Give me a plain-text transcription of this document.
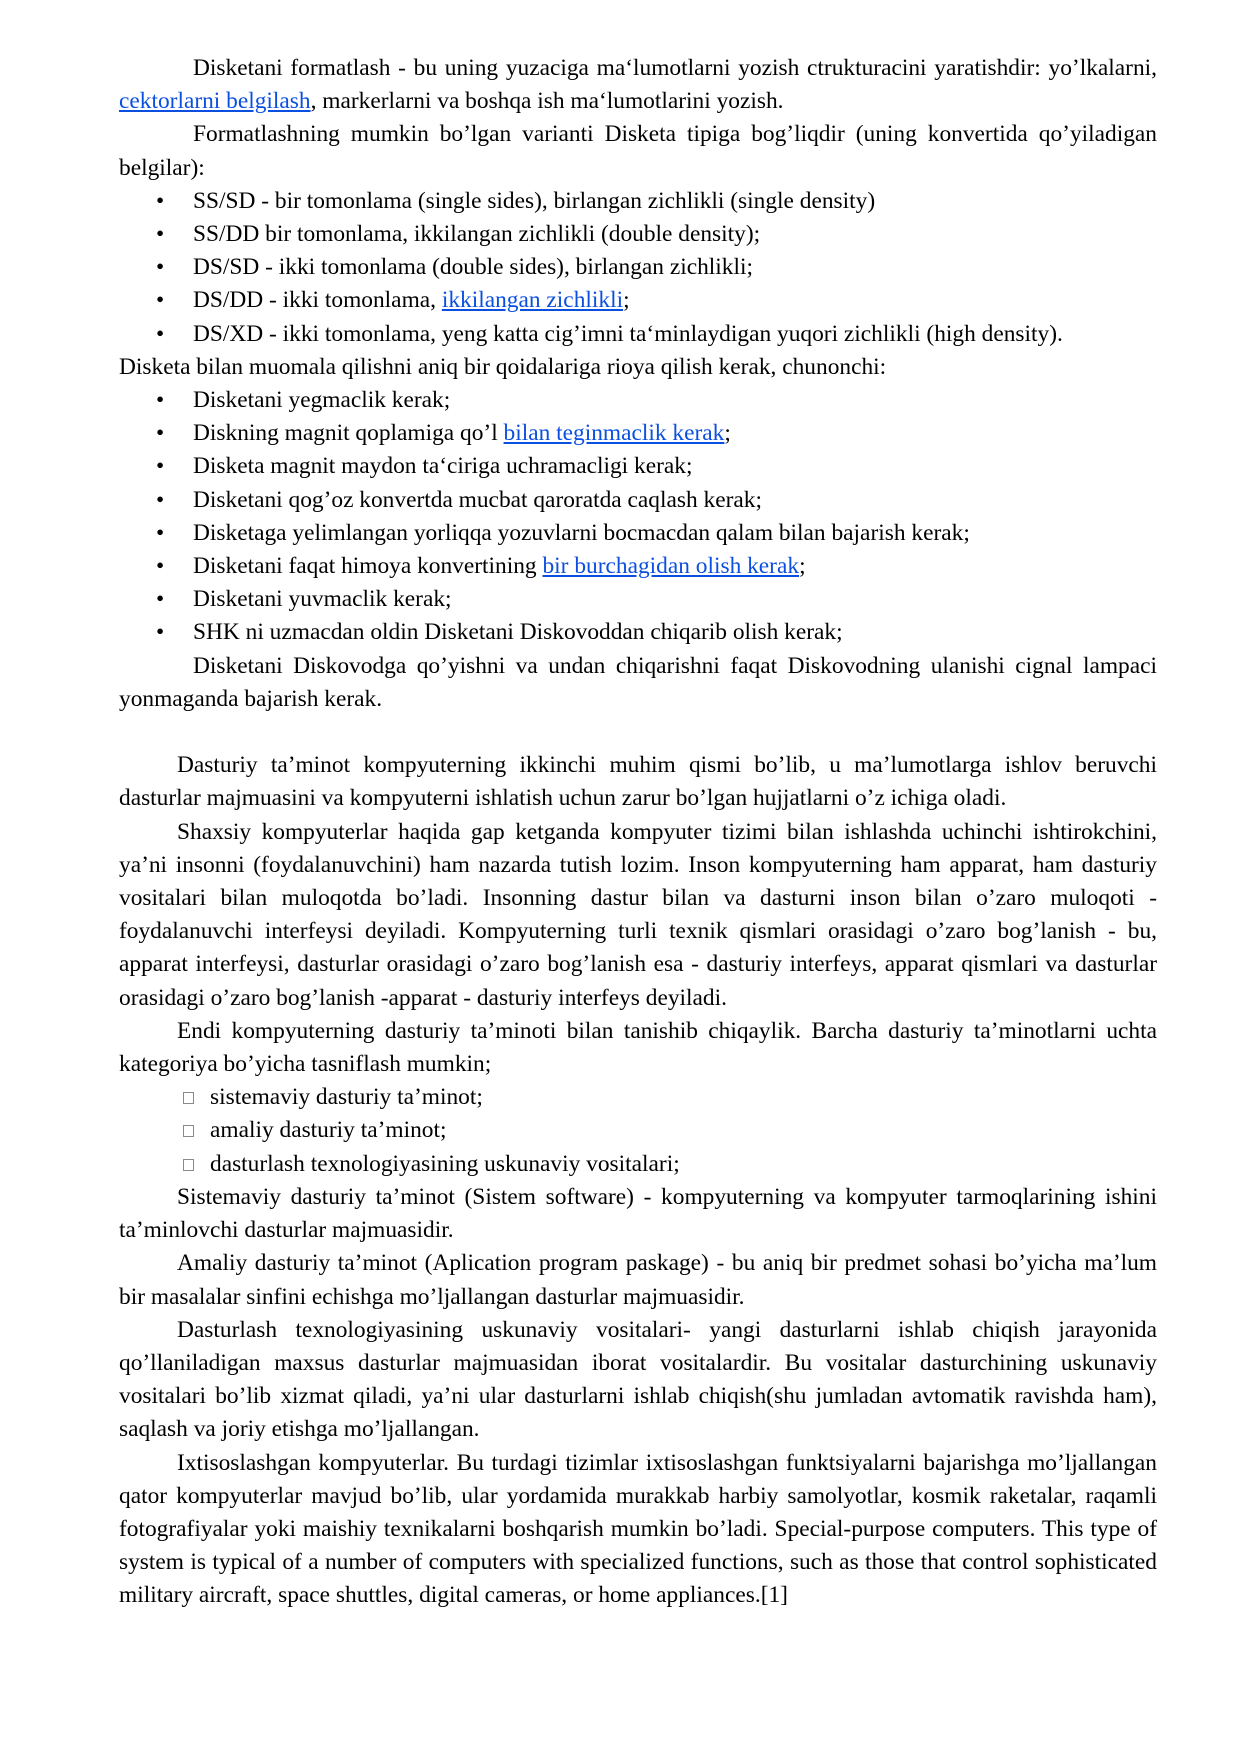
Disketani formatlash - bu uning yuzaciga ma‘lumotlarni yozish ctrukturacini yaratishdir: yo’lkalarni, cektorlarni belgilash, markerlarni va boshqa ish ma‘lumotlarini yozish.

Formatlashning mumkin bo’lgan varianti Disketa tipiga bog’liqdir (uning konvertida qo’yiladigan belgilar):

• SS/SD - bir tomonlama (single sides), birlangan zichlikli (single density)
• SS/DD bir tomonlama, ikkilangan zichlikli (double density);
• DS/SD - ikki tomonlama (double sides), birlangan zichlikli;
• DS/DD - ikki tomonlama, ikkilangan zichlikli;
• DS/XD - ikki tomonlama, yeng katta cig’imni ta‘minlaydigan yuqori zichlikli (high density).

Disketa bilan muomala qilishni aniq bir qoidalariga rioya qilish kerak, chunonchi:

• Disketani yegmaclik kerak;
• Diskning magnit qoplamiga qo’l bilan teginmaclik kerak;
• Disketa magnit maydon ta‘ciriga uchramacligi kerak;
• Disketani qog’oz konvertda mucbat qaroratda caqlash kerak;
• Disketaga yelimlangan yorliqqa yozuvlarni bocmacdan qalam bilan bajarish kerak;
• Disketani faqat himoya konvertining bir burchagidan olish kerak;
• Disketani yuvmaclik kerak;
• SHK ni uzmacdan oldin Disketani Diskovoddan chiqarib olish kerak;

Disketani Diskovodga qo’yishni va undan chiqarishni faqat Diskovodning ulanishi cignal lampaci yonmaganda bajarish kerak.

Dasturiy ta’minot kompyuterning ikkinchi muhim qismi bo’lib, u ma’lumotlarga ishlov beruvchi dasturlar majmuasini va kompyuterni ishlatish uchun zarur bo’lgan hujjatlarni o’z ichiga oladi.

Shaxsiy kompyuterlar haqida gap ketganda kompyuter tizimi bilan ishlashda uchinchi ishtirokchini, ya’ni insonni (foydalanuvchini) ham nazarda tutish lozim. Inson kompyuterning ham apparat, ham dasturiy vositalari bilan muloqotda bo’ladi. Insonning dastur bilan va dasturni inson bilan o’zaro muloqoti - foydalanuvchi interfeysi deyiladi. Kompyuterning turli texnik qismlari orasidagi o’zaro bog’lanish - bu, apparat interfeysi, dasturlar orasidagi o’zaro bog’lanish esa - dasturiy interfeys, apparat qismlari va dasturlar orasidagi o’zaro bog’lanish -apparat - dasturiy interfeys deyiladi.

Endi kompyuterning dasturiy ta’minoti bilan tanishib chiqaylik. Barcha dasturiy ta’minotlarni uchta kategoriya bo’yicha tasniflash mumkin;

sistemaviy dasturiy ta’minot;
amaliy dasturiy ta’minot;
dasturlash texnologiyasining uskunaviy vositalari;

Sistemaviy dasturiy ta’minot (Sistem software) - kompyuterning va kompyuter tarmoqlarining ishini ta’minlovchi dasturlar majmuasidir.

Amaliy dasturiy ta’minot (Aplication program paskage) - bu aniq bir predmet sohasi bo’yicha ma’lum bir masalalar sinfini echishga mo’ljallangan dasturlar majmuasidir.

Dasturlash texnologiyasining uskunaviy vositalari- yangi dasturlarni ishlab chiqish jarayonida qo’llaniladigan maxsus dasturlar majmuasidan iborat vositalardir. Bu vositalar dasturchining uskunaviy vositalari bo’lib xizmat qiladi, ya’ni ular dasturlarni ishlab chiqish(shu jumladan avtomatik ravishda ham), saqlash va joriy etishga mo’ljallangan.

Ixtisoslashgan kompyuterlar. Bu turdagi tizimlar ixtisoslashgan funktsiyalarni bajarishga mo’ljallangan qator kompyuterlar mavjud bo’lib, ular yordamida murakkab harbiy samolyotlar, kosmik raketalar, raqamli fotografiyalar yoki maishiy texnikalarni boshqarish mumkin bo’ladi. Special-purpose computers. This type of system is typical of a number of computers with specialized functions, such as those that control sophisticated military aircraft, space shuttles, digital cameras, or home appliances.[1]
